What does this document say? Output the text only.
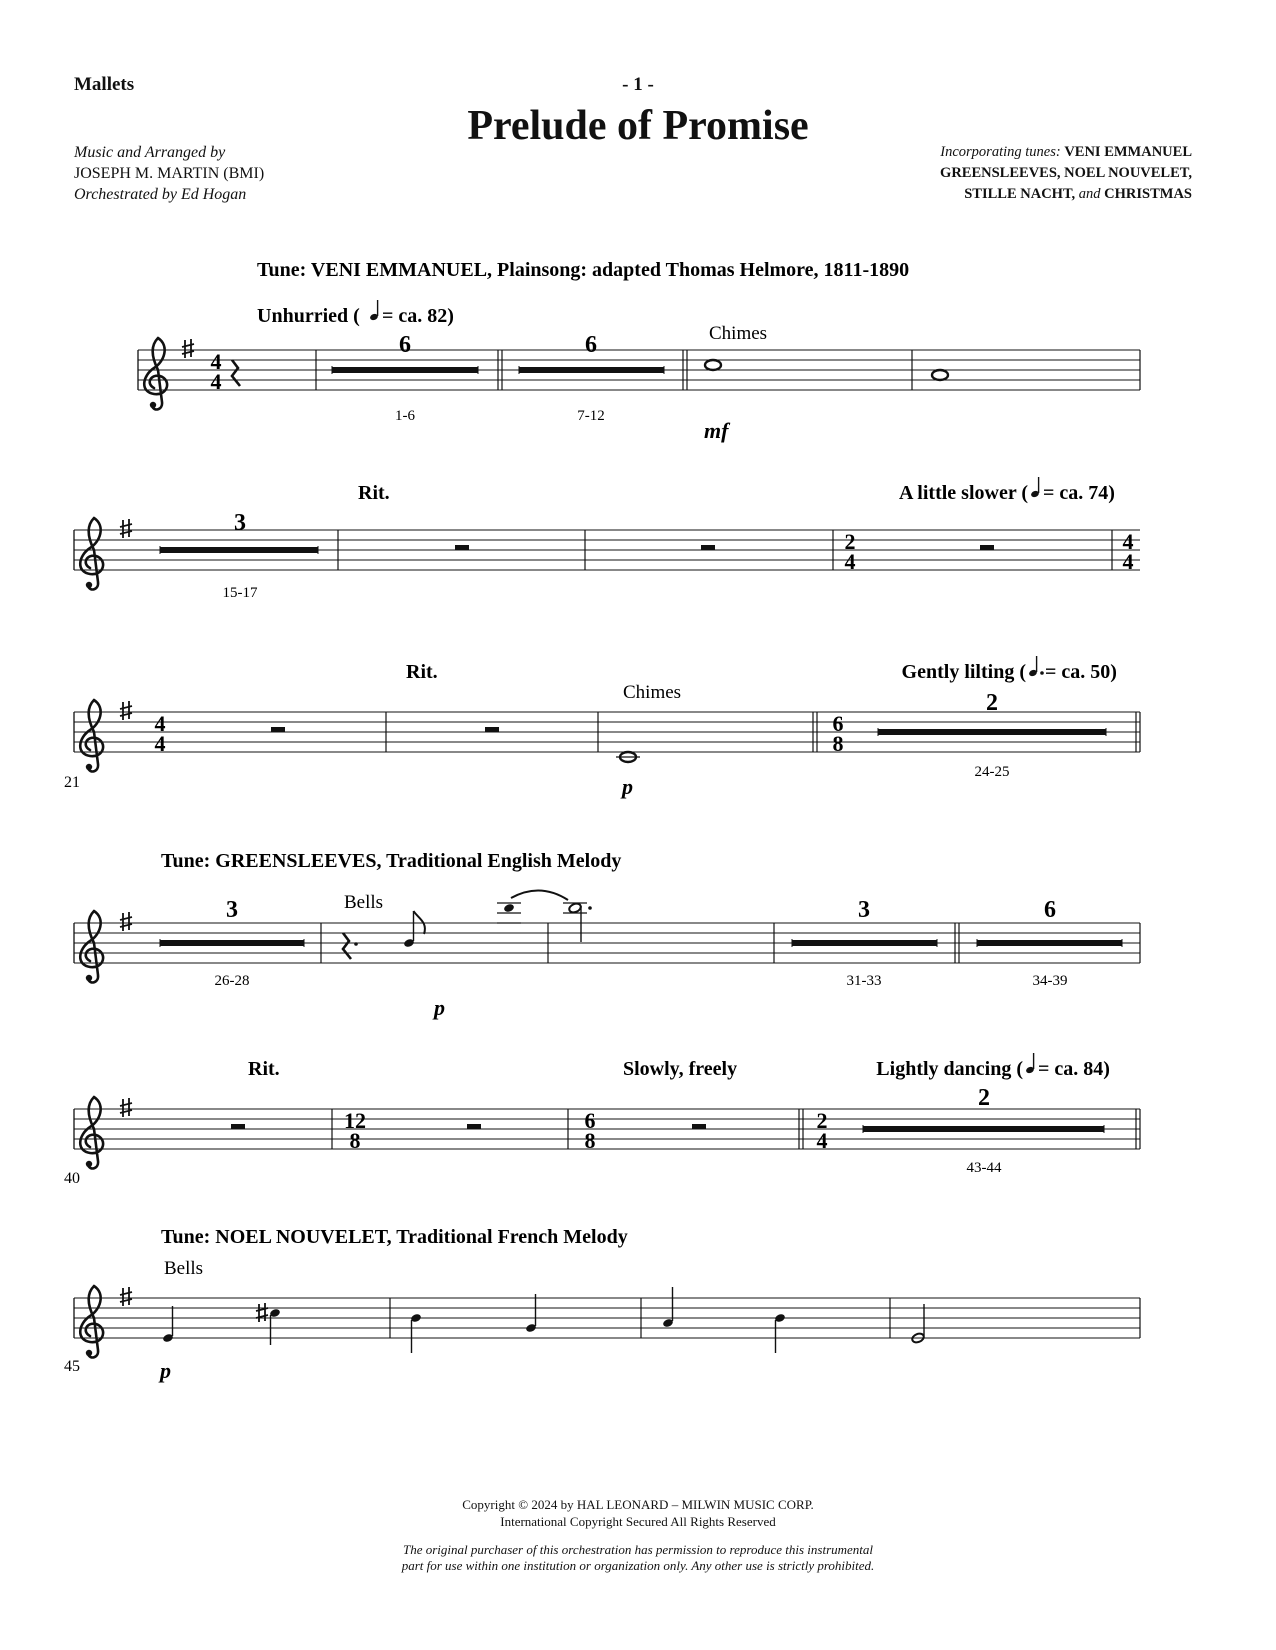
Mallets	- 1 -
Prelude of Promise
Music and Arranged by
JOSEPH M. MARTIN (BMI)
Orchestrated by Ed Hogan
Incorporating tunes: VENI EMMANUEL
GREENSLEEVES, NOEL NOUVELET,
STILLE NACHT, and CHRISTMAS
4
4
Tune: VENI EMMANUEL, Plainsong: adapted Thomas Helmore, 1811-1890
Unhurried ( = ca. 82)
6
1-6
6
7-12
Chimes
mf
2
4
4
4
3
15-17
Rit.	A little slower ( = ca. 74)
4
4
6
8
21
Rit.
Chimes
p
Gently lilting ( = ca. 50)
2
24-25
Tune: GREENSLEEVES, Traditional English Melody
3
26-28
Bells
p
3
31-33
6
34-39
12
8
6
8
2
4
40
Rit.	Slowly, freely	Lightly dancing ( = ca. 84)
2
43-44
Tune: NOEL NOUVELET, Traditional French Melody
Bells
45	p
Copyright © 2024 by HAL LEONARD – MILWIN MUSIC CORP.
International Copyright Secured All Rights Reserved
The original purchaser of this orchestration has permission to reproduce this instrumental
part for use within one institution or organization only. Any other use is strictly prohibited.
